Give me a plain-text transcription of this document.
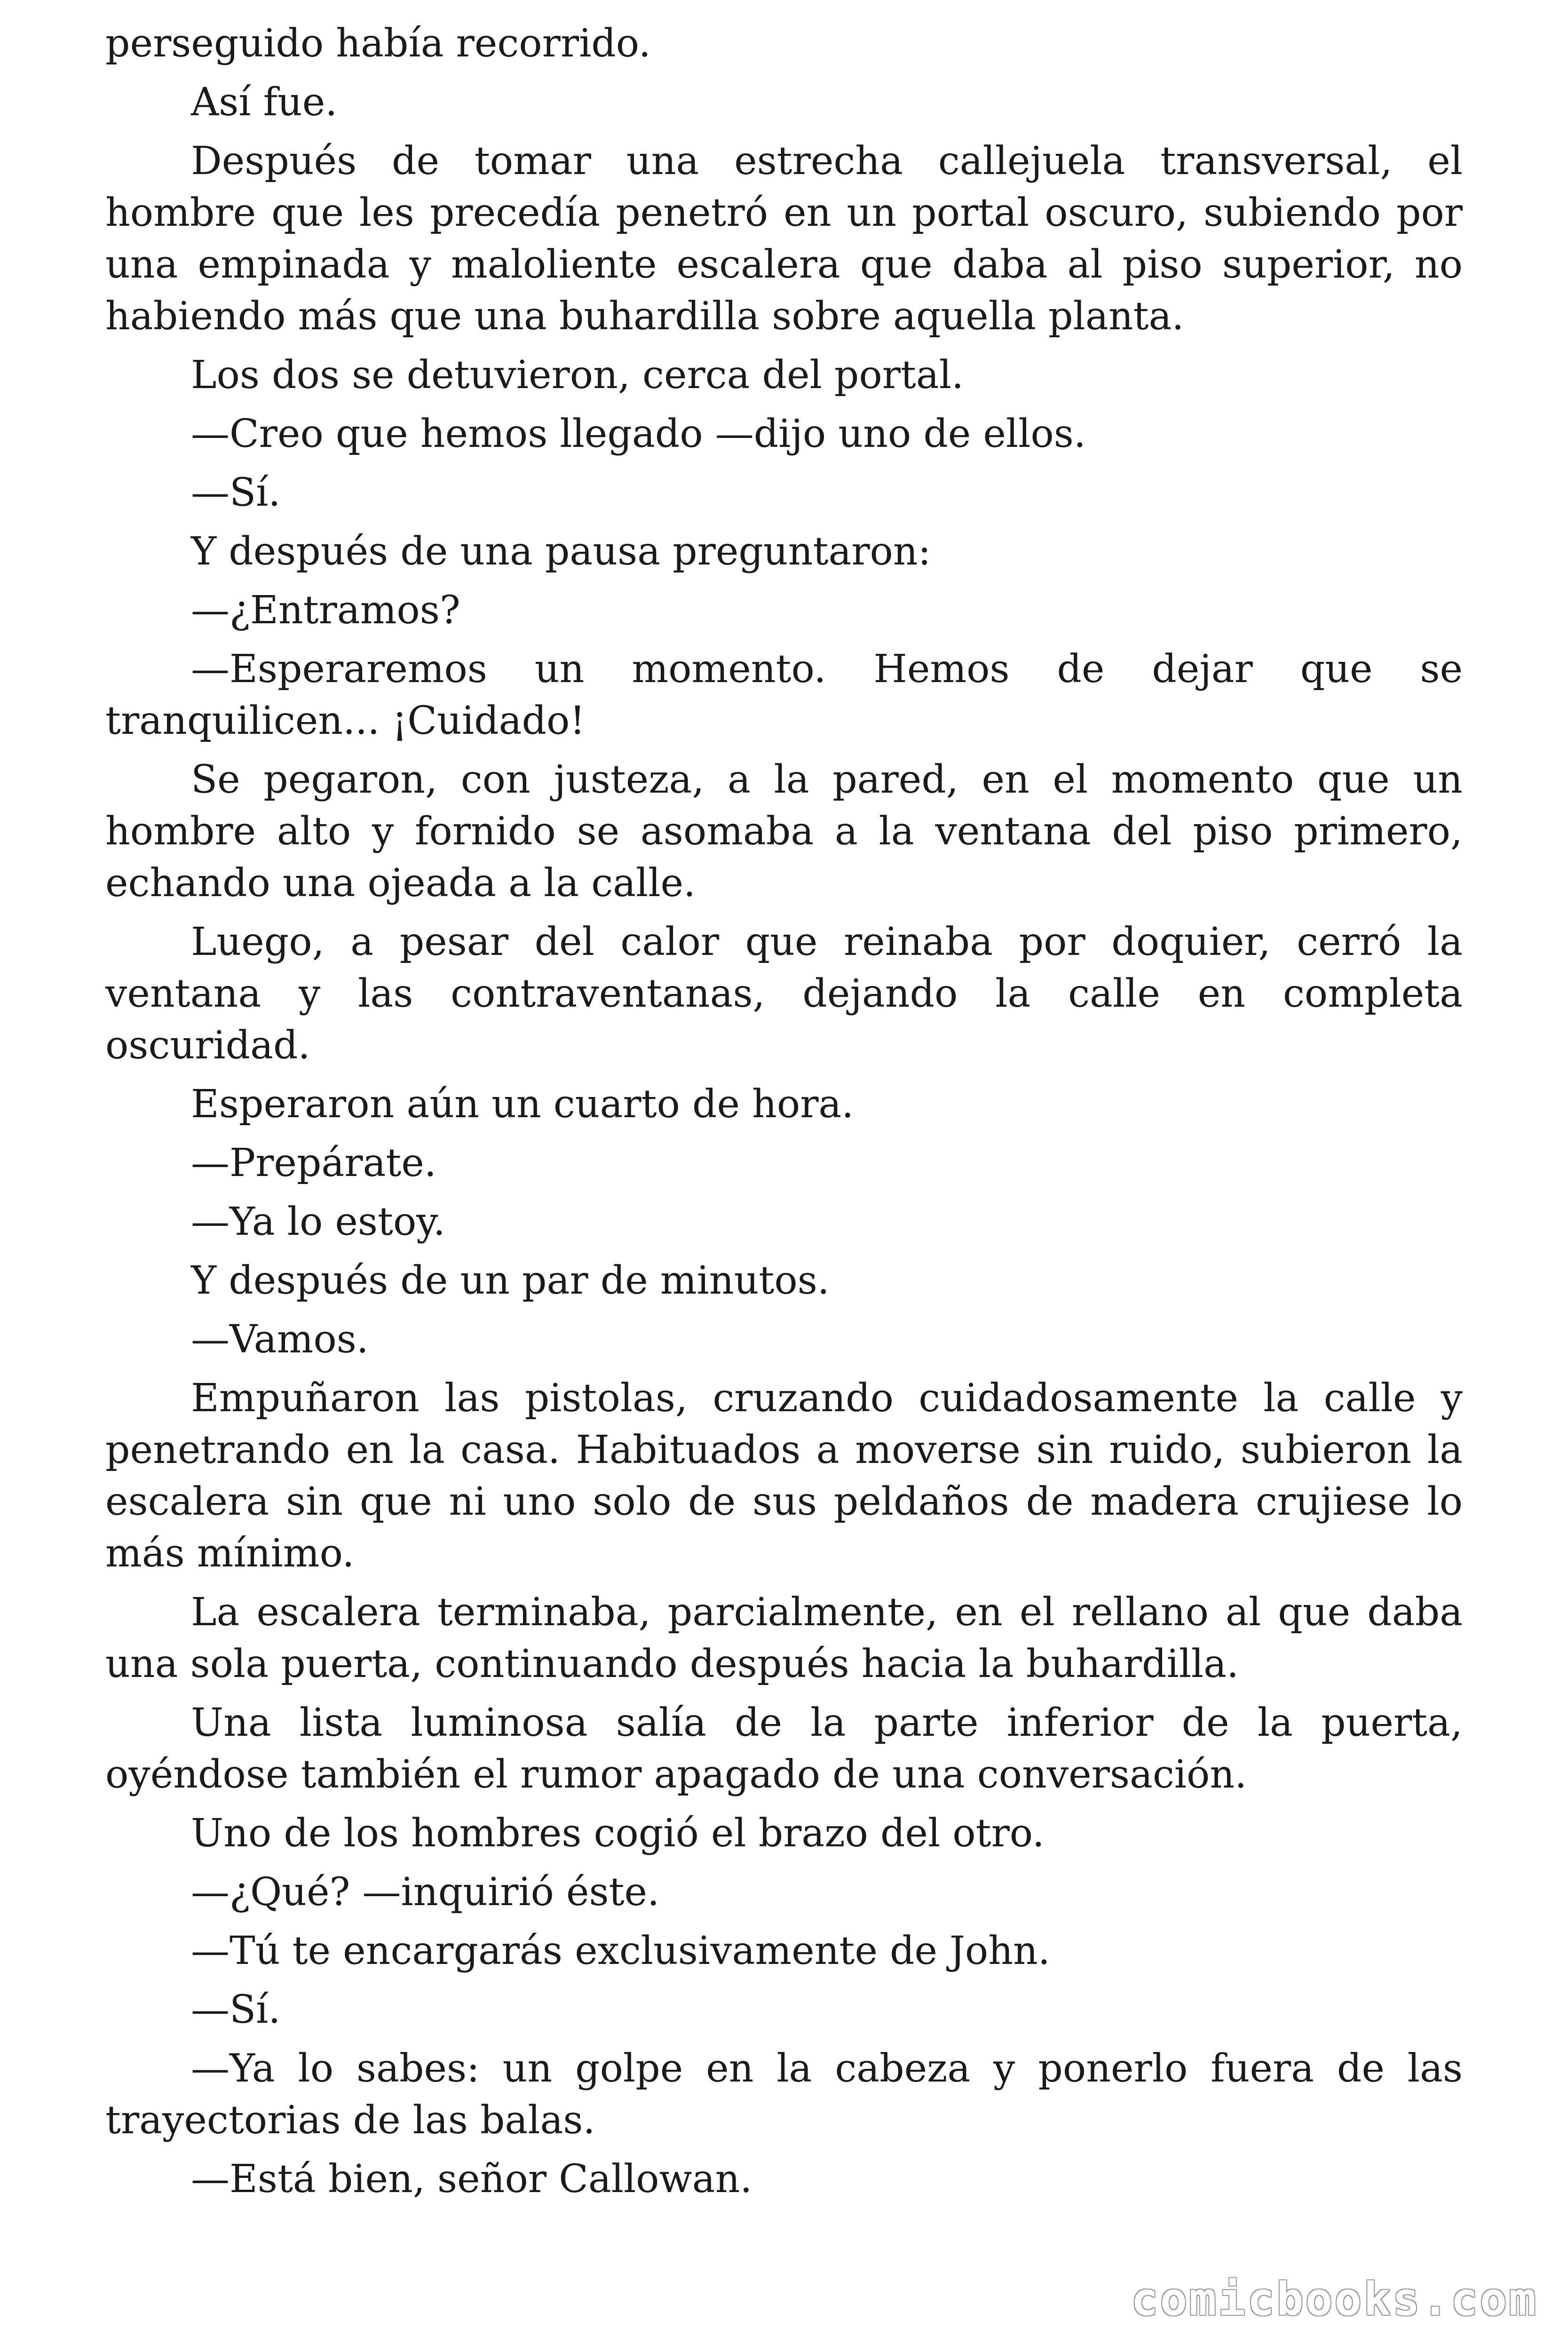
perseguido había recorrido.

Así fue.

Después de tomar una estrecha callejuela transversal, el hombre que les precedía penetró en un portal oscuro, subiendo por una empinada y maloliente escalera que daba al piso superior, no habiendo más que una buhardilla sobre aquella planta.

Los dos se detuvieron, cerca del portal.

—Creo que hemos llegado —dijo uno de ellos.

—Sí.

Y después de una pausa preguntaron:

—¿Entramos?

—Esperaremos un momento. Hemos de dejar que se tranquilicen... ¡Cuidado!

Se pegaron, con justeza, a la pared, en el momento que un hombre alto y fornido se asomaba a la ventana del piso primero, echando una ojeada a la calle.

Luego, a pesar del calor que reinaba por doquier, cerró la ventana y las contraventanas, dejando la calle en completa oscuridad.

Esperaron aún un cuarto de hora.

—Prepárate.

—Ya lo estoy.

Y después de un par de minutos.

—Vamos.

Empuñaron las pistolas, cruzando cuidadosamente la calle y penetrando en la casa. Habituados a moverse sin ruido, subieron la escalera sin que ni uno solo de sus peldaños de madera crujiese lo más mínimo.

La escalera terminaba, parcialmente, en el rellano al que daba una sola puerta, continuando después hacia la buhardilla.

Una lista luminosa salía de la parte inferior de la puerta, oyéndose también el rumor apagado de una conversación.

Uno de los hombres cogió el brazo del otro.

—¿Qué? —inquirió éste.

—Tú te encargarás exclusivamente de John.

—Sí.

—Ya lo sabes: un golpe en la cabeza y ponerlo fuera de las trayectorias de las balas.

—Está bien, señor Callowan.

comicbooks.com
